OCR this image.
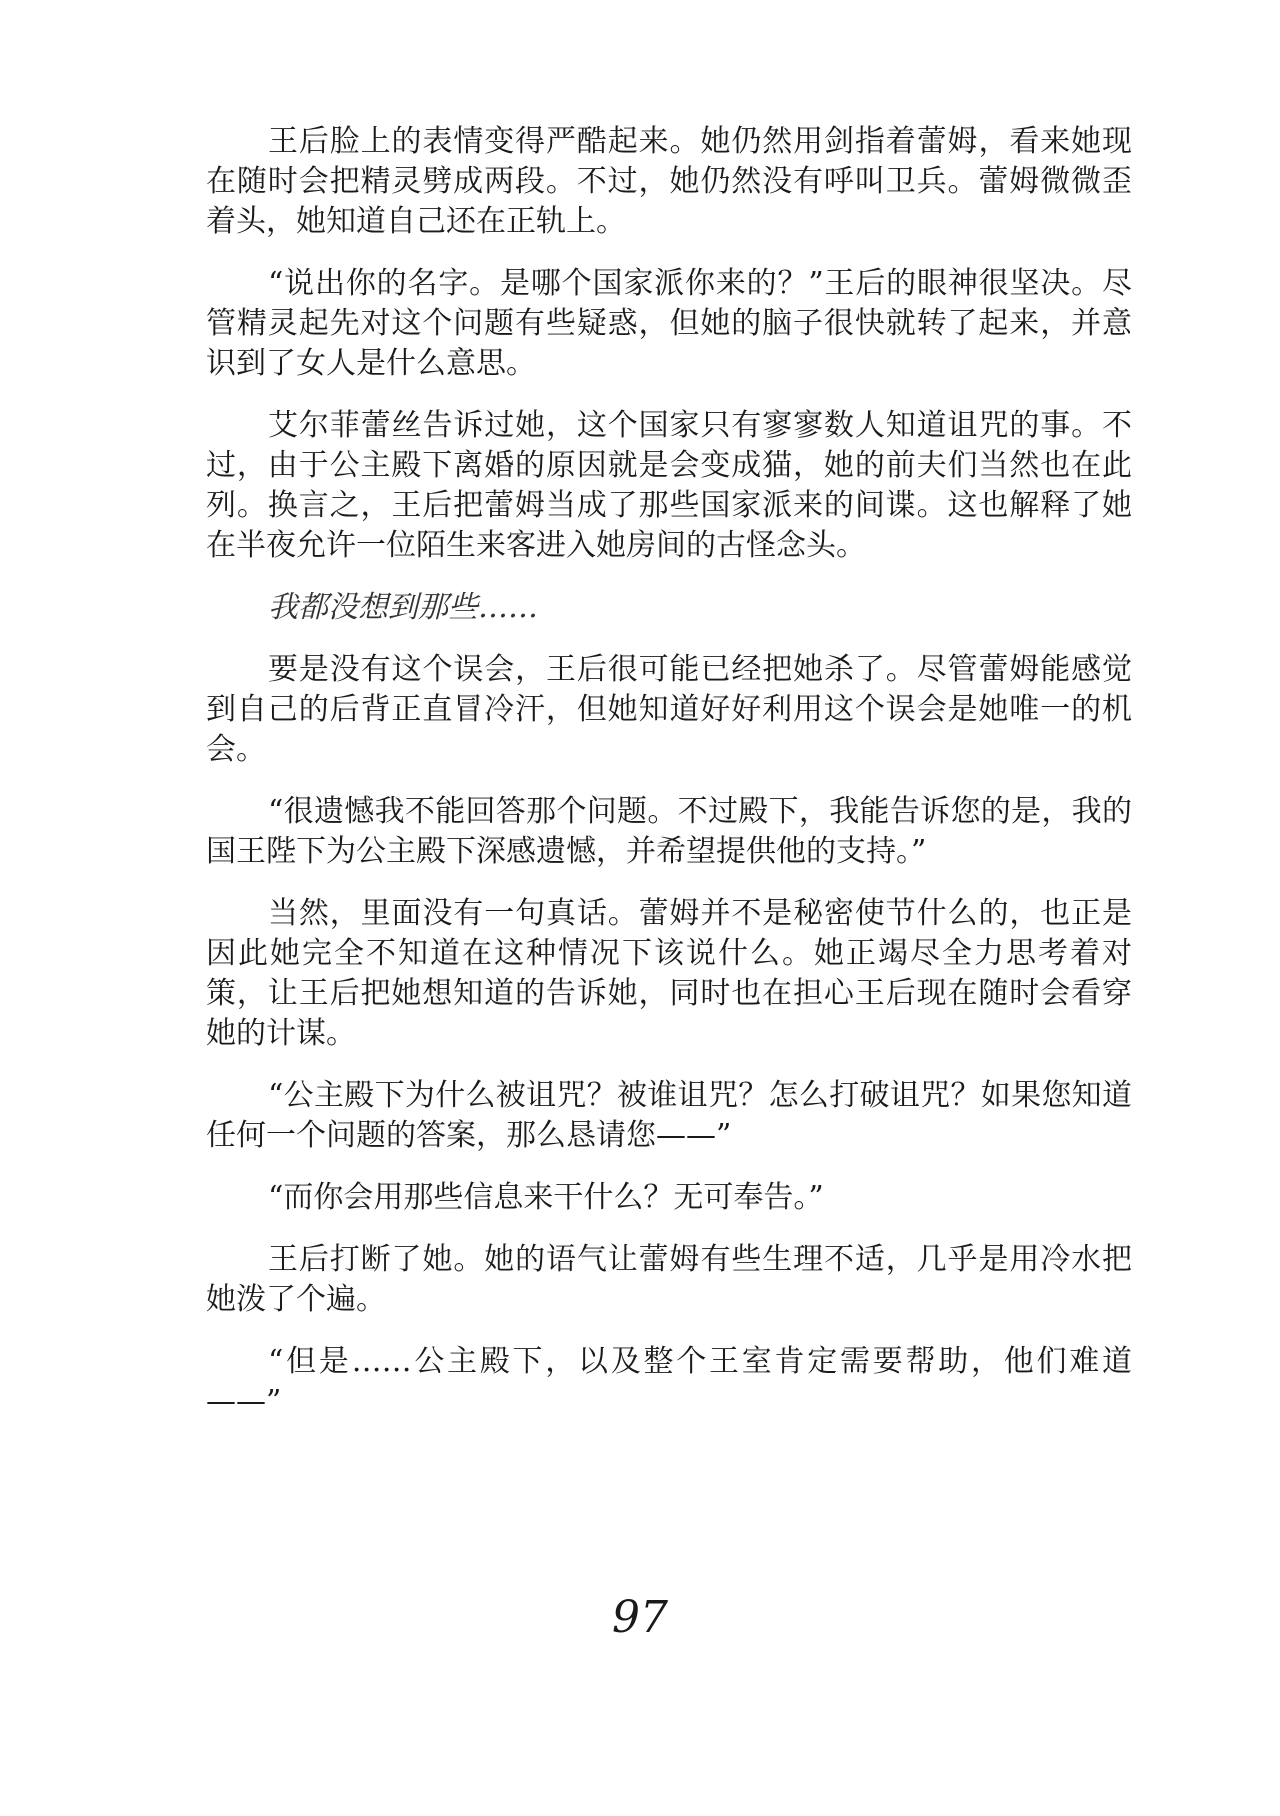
王后脸上的表情变得严酷起来。她仍然用剑指着蕾姆，看来她现在随时会把精灵劈成两段。不过，她仍然没有呼叫卫兵。蕾姆微微歪着头，她知道自己还在正轨上。

“说出你的名字。是哪个国家派你来的？”王后的眼神很坚决。尽管精灵起先对这个问题有些疑惑，但她的脑子很快就转了起来，并意识到了女人是什么意思。

艾尔菲蕾丝告诉过她，这个国家只有寥寥数人知道诅咒的事。不过，由于公主殿下离婚的原因就是会变成猫，她的前夫们当然也在此列。换言之，王后把蕾姆当成了那些国家派来的间谍。这也解释了她在半夜允许一位陌生来客进入她房间的古怪念头。

我都没想到那些……

要是没有这个误会，王后很可能已经把她杀了。尽管蕾姆能感觉到自己的后背正直冒冷汗，但她知道好好利用这个误会是她唯一的机会。

“很遗憾我不能回答那个问题。不过殿下，我能告诉您的是，我的国王陛下为公主殿下深感遗憾，并希望提供他的支持。”

当然，里面没有一句真话。蕾姆并不是秘密使节什么的，也正是因此她完全不知道在这种情况下该说什么。她正竭尽全力思考着对策，让王后把她想知道的告诉她，同时也在担心王后现在随时会看穿她的计谋。

“公主殿下为什么被诅咒？被谁诅咒？怎么打破诅咒？如果您知道任何一个问题的答案，那么恳请您——”

“而你会用那些信息来干什么？无可奉告。”

王后打断了她。她的语气让蕾姆有些生理不适，几乎是用冷水把她泼了个遍。

“但是……公主殿下，以及整个王室肯定需要帮助，他们难道——”

97
